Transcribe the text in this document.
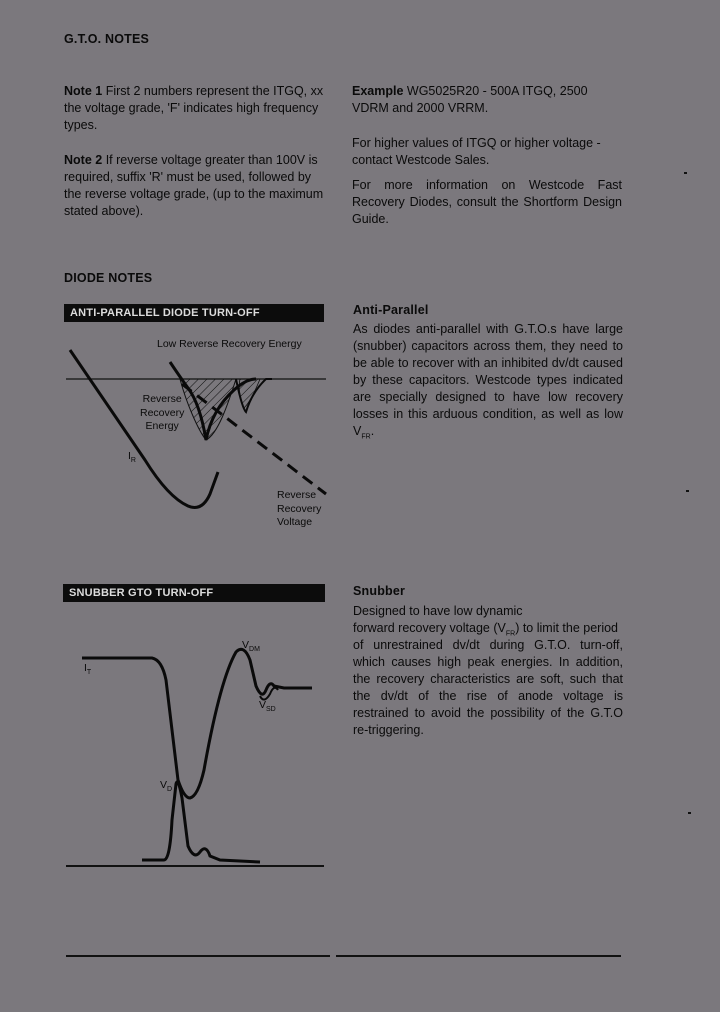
G.T.O. NOTES
Note 1 First 2 numbers represent the ITGQ, xx the voltage grade, 'F' indicates high frequency types.
Note 2 If reverse voltage greater than 100V is required, suffix 'R' must be used, followed by the reverse voltage grade, (up to the maximum stated above).
Example WG5025R20 - 500A ITGQ, 2500 VDRM and 2000 VRRM.
For higher values of ITGQ or higher voltage - contact Westcode Sales.
For more information on Westcode Fast Recovery Diodes, consult the Shortform Design Guide.
DIODE NOTES
ANTI-PARALLEL DIODE TURN-OFF
Low Reverse Recovery Energy
Reverse
Recovery
Energy
$I_R$
Reverse
Recovery
Voltage
Anti-Parallel
As diodes anti-parallel with G.T.O.s have large (snubber) capacitors across them, they need to be able to recover with an inhibited dv/dt caused by these capacitors. Westcode types indicated are specially designed to have low recovery losses in this arduous condition, as well as low $V_{FR}$.
SNUBBER GTO TURN-OFF
$I_T$
$V_{DM}$
$V_{SD}$
$V_D$
Snubber
Designed to have low dynamic
forward recovery voltage $(V_{FR})$ to limit the period
of unrestrained dv/dt during G.T.O. turn-off, which causes high peak energies. In addition, the recovery characteristics are soft, such that the dv/dt of the rise of anode voltage is restrained to avoid the possibility of the G.T.O re-triggering.
